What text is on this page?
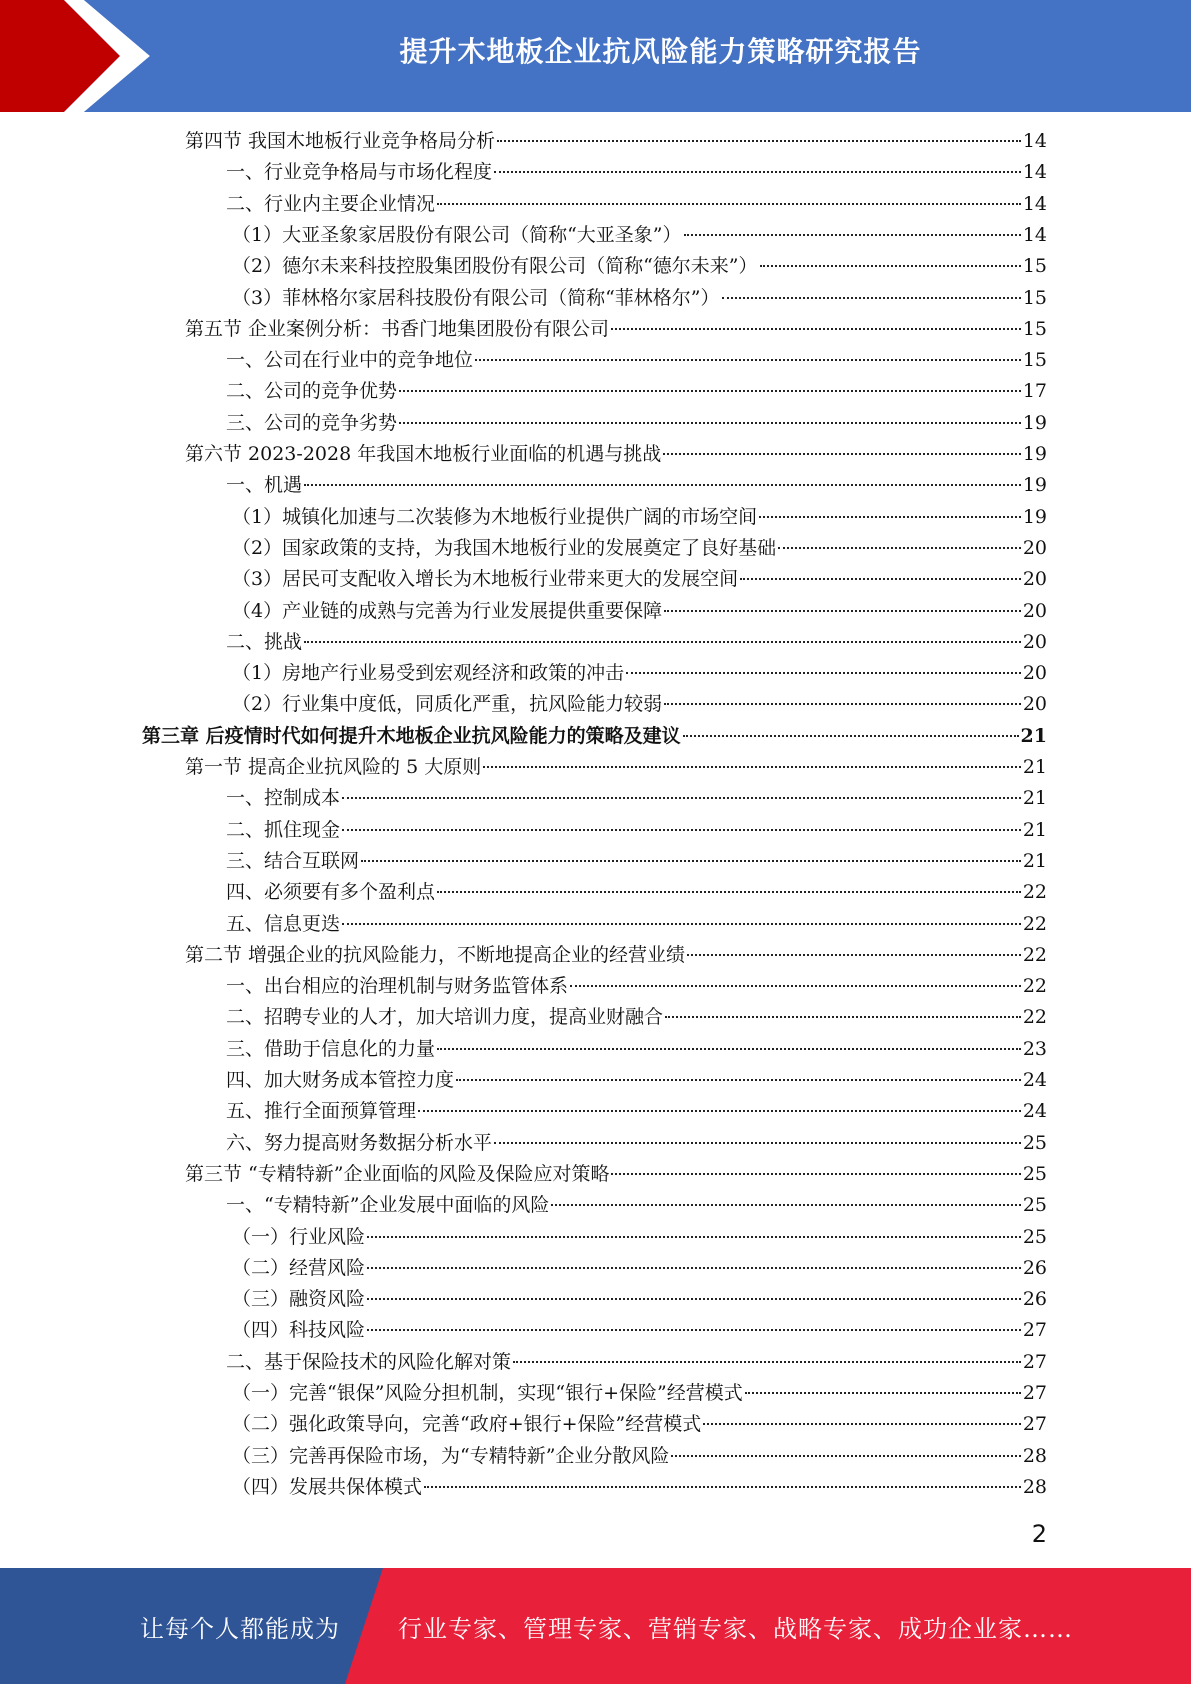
提升木地板企业抗风险能力策略研究报告
第四节 我国木地板行业竞争格局分析	14
一、行业竞争格局与市场化程度	14
二、行业内主要企业情况	14
（1）大亚圣象家居股份有限公司（简称“大亚圣象”）	14
（2）德尔未来科技控股集团股份有限公司（简称“德尔未来”）	15
（3）菲林格尔家居科技股份有限公司（简称“菲林格尔”）	15
第五节 企业案例分析：书香门地集团股份有限公司	15
一、公司在行业中的竞争地位	15
二、公司的竞争优势	17
三、公司的竞争劣势	19
第六节 2023-2028 年我国木地板行业面临的机遇与挑战	19
一、机遇	19
（1）城镇化加速与二次装修为木地板行业提供广阔的市场空间	19
（2）国家政策的支持，为我国木地板行业的发展奠定了良好基础	20
（3）居民可支配收入增长为木地板行业带来更大的发展空间	20
（4）产业链的成熟与完善为行业发展提供重要保障	20
二、挑战	20
（1）房地产行业易受到宏观经济和政策的冲击	20
（2）行业集中度低，同质化严重，抗风险能力较弱	20
第三章 后疫情时代如何提升木地板企业抗风险能力的策略及建议	21
第一节 提高企业抗风险的 5 大原则	21
一、控制成本	21
二、抓住现金	21
三、结合互联网	21
四、必须要有多个盈利点	22
五、信息更迭	22
第二节 增强企业的抗风险能力，不断地提高企业的经营业绩	22
一、出台相应的治理机制与财务监管体系	22
二、招聘专业的人才，加大培训力度，提高业财融合	22
三、借助于信息化的力量	23
四、加大财务成本管控力度	24
五、推行全面预算管理	24
六、努力提高财务数据分析水平	25
第三节 “专精特新”企业面临的风险及保险应对策略	25
一、“专精特新”企业发展中面临的风险	25
（一）行业风险	25
（二）经营风险	26
（三）融资风险	26
（四）科技风险	27
二、基于保险技术的风险化解对策	27
（一）完善“银保”风险分担机制，实现“银行+保险”经营模式	27
（二）强化政策导向，完善“政府+银行+保险”经营模式	27
（三）完善再保险市场，为“专精特新”企业分散风险	28
（四）发展共保体模式	28
2
让每个人都能成为 行业专家、管理专家、营销专家、战略专家、成功企业家……
